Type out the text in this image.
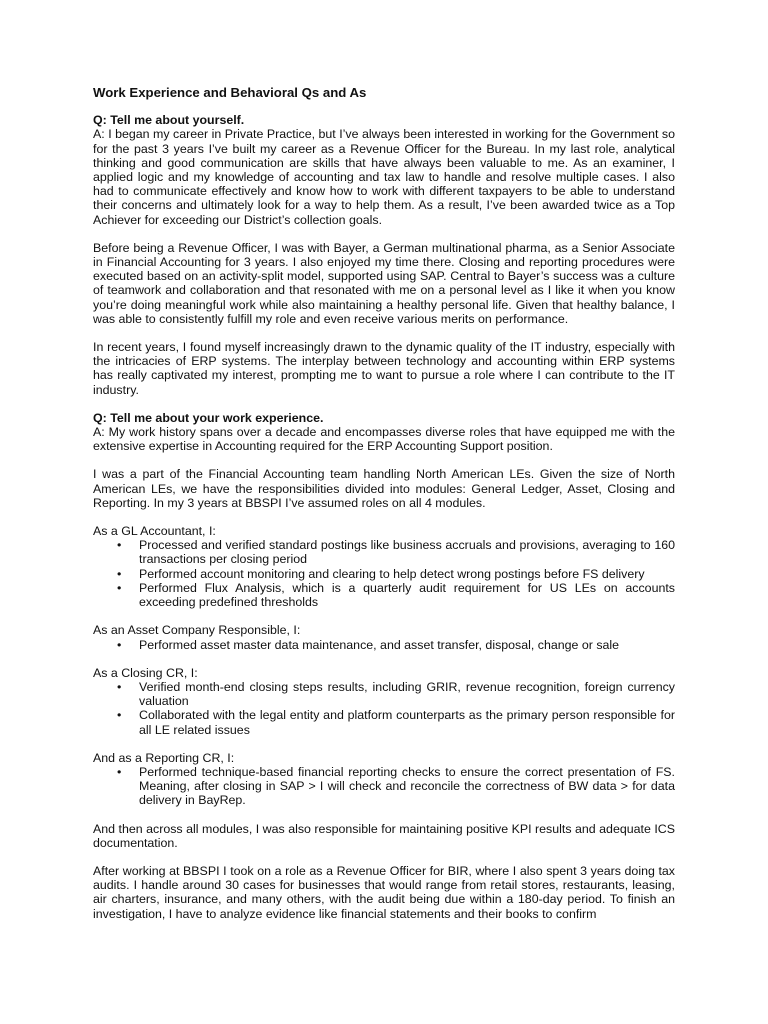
Work Experience and Behavioral Qs and As
Q: Tell me about yourself.

A: I began my career in Private Practice, but I’ve always been interested in working for the Government so for the past 3 years I’ve built my career as a Revenue Officer for the Bureau. In my last role, analytical thinking and good communication are skills that have always been valuable to me. As an examiner, I applied logic and my knowledge of accounting and tax law to handle and resolve multiple cases. I also had to communicate effectively and know how to work with different taxpayers to be able to understand their concerns and ultimately look for a way to help them. As a result, I’ve been awarded twice as a Top Achiever for exceeding our District’s collection goals.

Before being a Revenue Officer, I was with Bayer, a German multinational pharma, as a Senior Associate in Financial Accounting for 3 years. I also enjoyed my time there. Closing and reporting procedures were executed based on an activity-split model, supported using SAP. Central to Bayer’s success was a culture of teamwork and collaboration and that resonated with me on a personal level as I like it when you know you’re doing meaningful work while also maintaining a healthy personal life. Given that healthy balance, I was able to consistently fulfill my role and even receive various merits on performance.

In recent years, I found myself increasingly drawn to the dynamic quality of the IT industry, especially with the intricacies of ERP systems. The interplay between technology and accounting within ERP systems has really captivated my interest, prompting me to want to pursue a role where I can contribute to the IT industry.

Q: Tell me about your work experience.

A: My work history spans over a decade and encompasses diverse roles that have equipped me with the extensive expertise in Accounting required for the ERP Accounting Support position.

I was a part of the Financial Accounting team handling North American LEs. Given the size of North American LEs, we have the responsibilities divided into modules: General Ledger, Asset, Closing and Reporting. In my 3 years at BBSPI I’ve assumed roles on all 4 modules.

As a GL Accountant, I:
• Processed and verified standard postings like business accruals and provisions, averaging to 160 transactions per closing period
• Performed account monitoring and clearing to help detect wrong postings before FS delivery
• Performed Flux Analysis, which is a quarterly audit requirement for US LEs on accounts exceeding predefined thresholds
As an Asset Company Responsible, I:
• Performed asset master data maintenance, and asset transfer, disposal, change or sale
As a Closing CR, I:
• Verified month-end closing steps results, including GRIR, revenue recognition, foreign currency valuation
• Collaborated with the legal entity and platform counterparts as the primary person responsible for all LE related issues
And as a Reporting CR, I:
• Performed technique-based financial reporting checks to ensure the correct presentation of FS. Meaning, after closing in SAP > I will check and reconcile the correctness of BW data > for data delivery in BayRep.

And then across all modules, I was also responsible for maintaining positive KPI results and adequate ICS documentation.

After working at BBSPI I took on a role as a Revenue Officer for BIR, where I also spent 3 years doing tax audits. I handle around 30 cases for businesses that would range from retail stores, restaurants, leasing, air charters, insurance, and many others, with the audit being due within a 180-day period. To finish an investigation, I have to analyze evidence like financial statements and their books to confirm
